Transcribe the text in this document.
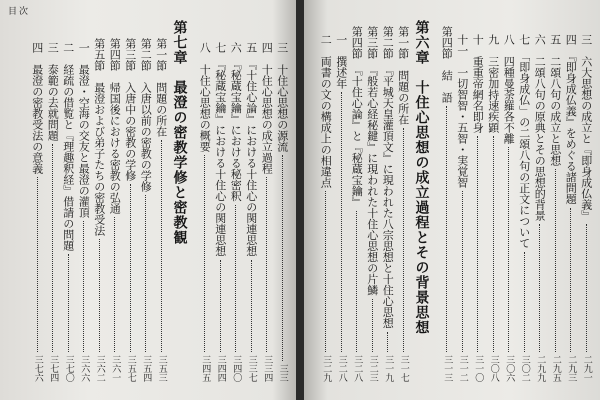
目次
三　十住心思想の源流
三三
四　十住心思想の成立過程
三三四
五　『十住心論』における十住心の関連思想
三三七
六　『秘蔵宝鑰』における秘密釈
三四〇
七　『秘蔵宝鑰』における十住心の関連思想
三四四
八　十住心思想の概要
三四五
第七章　最澄の密教学修と密教観
第一節　問題の所在
三五三
第二節　入唐以前の密教の学修
三五四
第三節　入唐中の密教の学修
三五七
第四節　帰国後における密教の弘通
三六一
第五節　最澄および弟子たちの密教受法
三六二
一　最澄・空海の交友と最澄の灌頂
三六六
二　経疏の借覧と『理趣釈経』借請の問題
三七〇
三　泰範の去就問題
三七四
四　最澄の密教受法の意義
三七六
三　六大思想の成立と『即身成仏義』
二九一
四　『即身成仏義』をめぐる諸問題
二九三
五　二頌八句の成立と思想
二九五
六　二頌八句の原典とその思想的背景
二九九
七　「即身成仏」の二頌八句の正文について
三〇二
八　四種曼荼羅各不離
三〇六
九　三密加持速疾顕
三〇八
十　重重帝網名即身
三一〇
十一　一切智智・五智・実覚智
三一二
第四節　結　語
三一三
第六章　十住心思想の成立過程とその背景思想
第一節　問題の所在
三一七
第二節　『平城天皇灌頂文』に現われた八宗思想と十住心思想
三一九
第三節　『般若心経秘鍵』に現われた十住心思想の片鱗
三二三
第四節　『十住心論』と『秘蔵宝鑰』
三二八
一　撰述年
三二八
二　両書の文の構成上の相違点
三二九
